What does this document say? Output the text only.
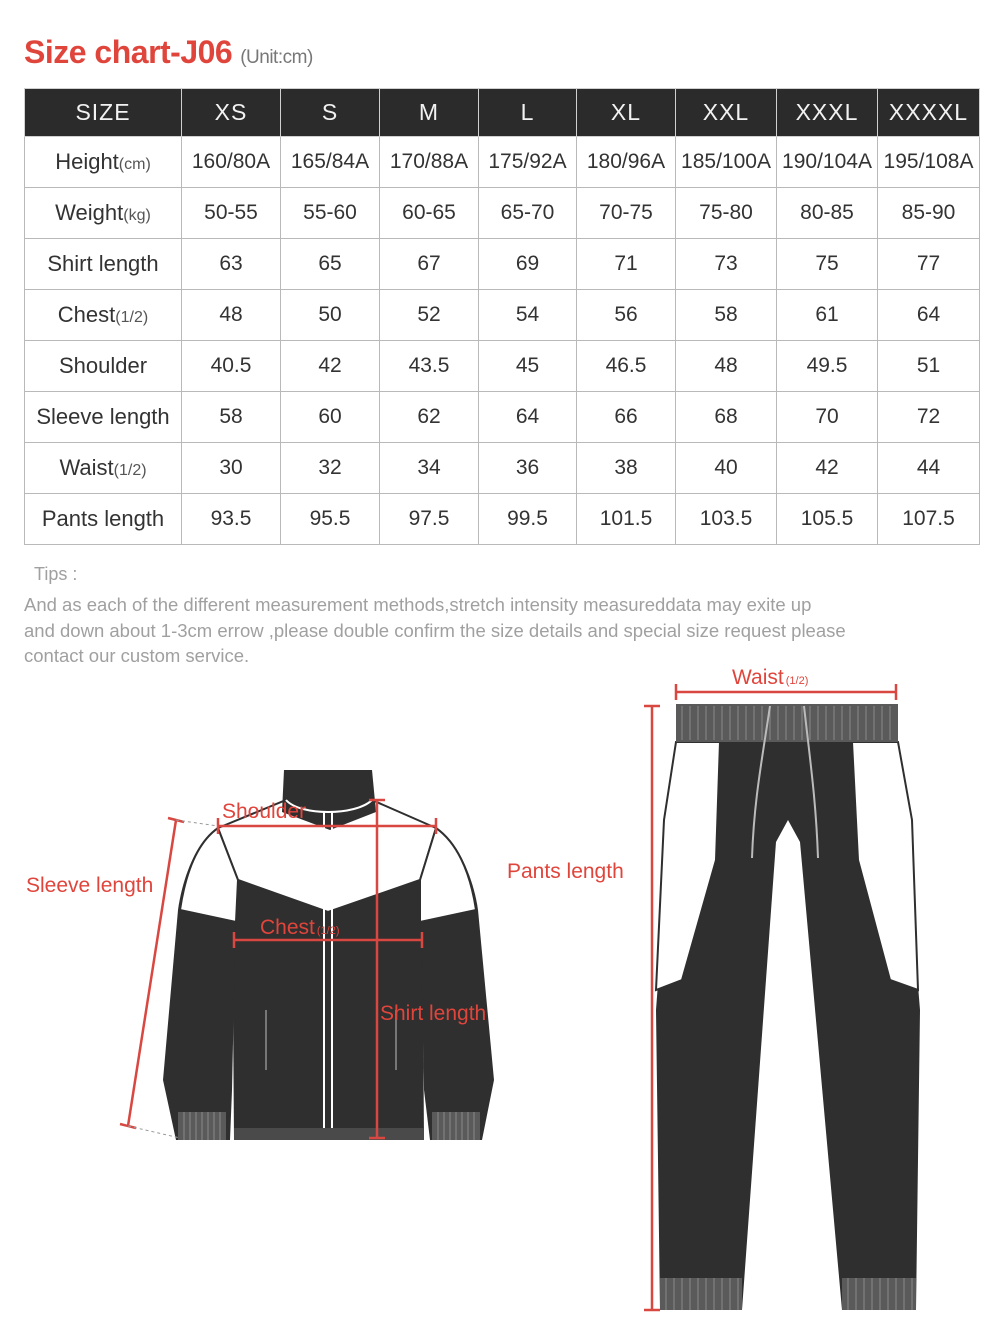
Size chart-J06 (Unit:cm)
SIZE	XS	S	M	L	XL	XXL	XXXL	XXXXL
Height(cm)	160/80A	165/84A	170/88A	175/92A	180/96A	185/100A	190/104A	195/108A
Weight(kg)	50-55	55-60	60-65	65-70	70-75	75-80	80-85	85-90
Shirt length	63	65	67	69	71	73	75	77
Chest(1/2)	48	50	52	54	56	58	61	64
Shoulder	40.5	42	43.5	45	46.5	48	49.5	51
Sleeve length	58	60	62	64	66	68	70	72
Waist(1/2)	30	32	34	36	38	40	42	44
Pants length	93.5	95.5	97.5	99.5	101.5	103.5	105.5	107.5
Tips :
And as each of the different measurement methods,stretch intensity measureddata may exite up
and down about 1-3cm errow ,please double confirm the size details and special size request please
contact our custom service.
Shoulder
Sleeve length
Chest (1/2)
Shirt length
Waist (1/2)
Pants length
